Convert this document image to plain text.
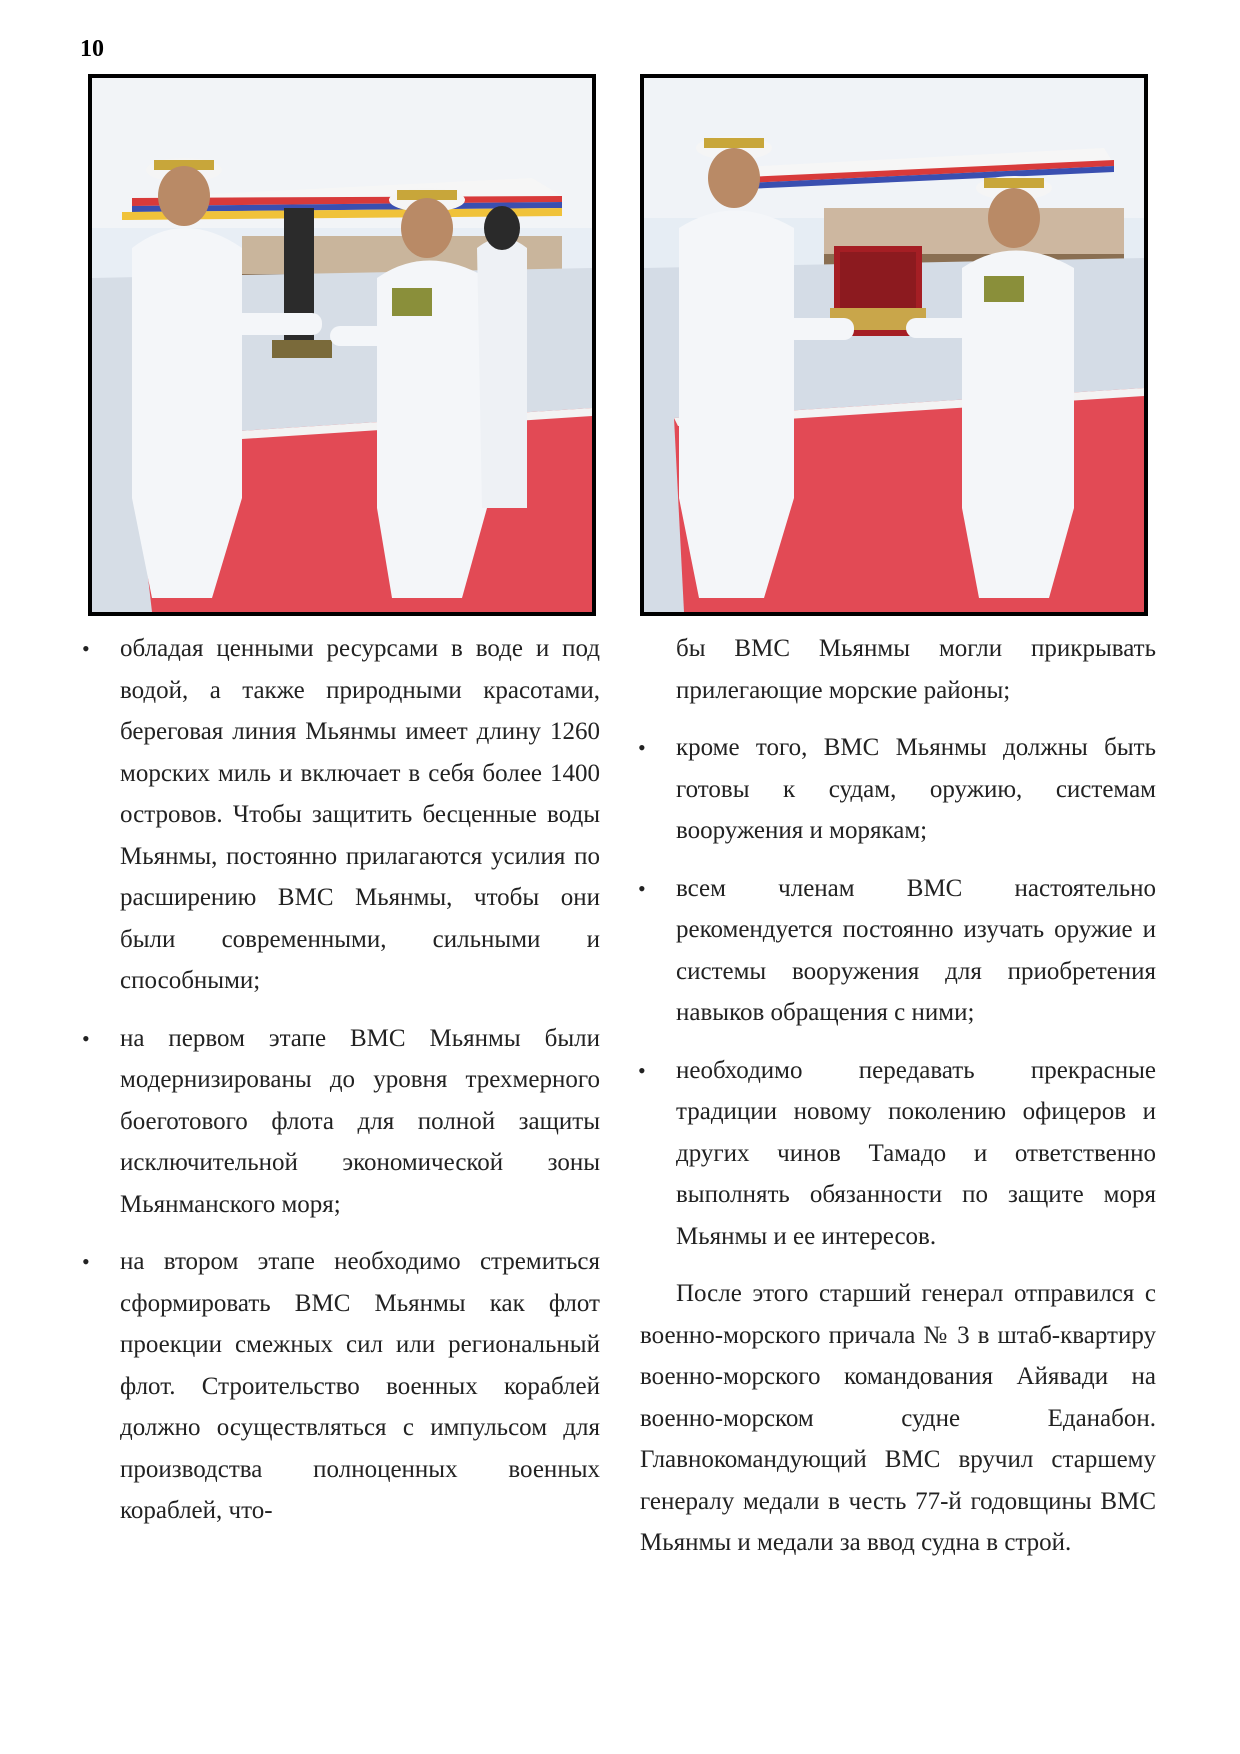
10
• обладая ценными ресурсами в воде и под водой, а также природными красотами, береговая линия Мьянмы имеет длину 1260 морских миль и включает в себя более 1400 островов. Чтобы защитить бесценные воды Мьянмы, постоянно прилагаются усилия по расширению ВМС Мьянмы, чтобы они были современными, сильными и способными;
• на первом этапе ВМС Мьянмы были модернизированы до уровня трехмерного боеготового флота для полной защиты исключительной экономической зоны Мьянманского моря;
• на втором этапе необходимо стремиться сформировать ВМС Мьянмы как флот проекции смежных сил или региональный флот. Строительство военных кораблей должно осуществляться с импульсом для производства полноценных военных кораблей, что-
бы ВМС Мьянмы могли прикрывать прилегающие морские районы;
• кроме того, ВМС Мьянмы должны быть готовы к судам, оружию, системам вооружения и морякам;
• всем членам ВМС настоятельно рекомендуется постоянно изучать оружие и системы вооружения для приобретения навыков обращения с ними;
• необходимо передавать прекрасные традиции новому поколению офицеров и других чинов Тамадо и ответственно выполнять обязанности по защите моря Мьянмы и ее интересов.

После этого старший генерал отправился с военно-морского причала № 3 в штаб-квартиру военно-морского командования Айявади на военно-морском судне Еданабон. Главнокомандующий ВМС вручил старшему генералу медали в честь 77-й годовщины ВМС Мьянмы и медали за ввод судна в строй.
